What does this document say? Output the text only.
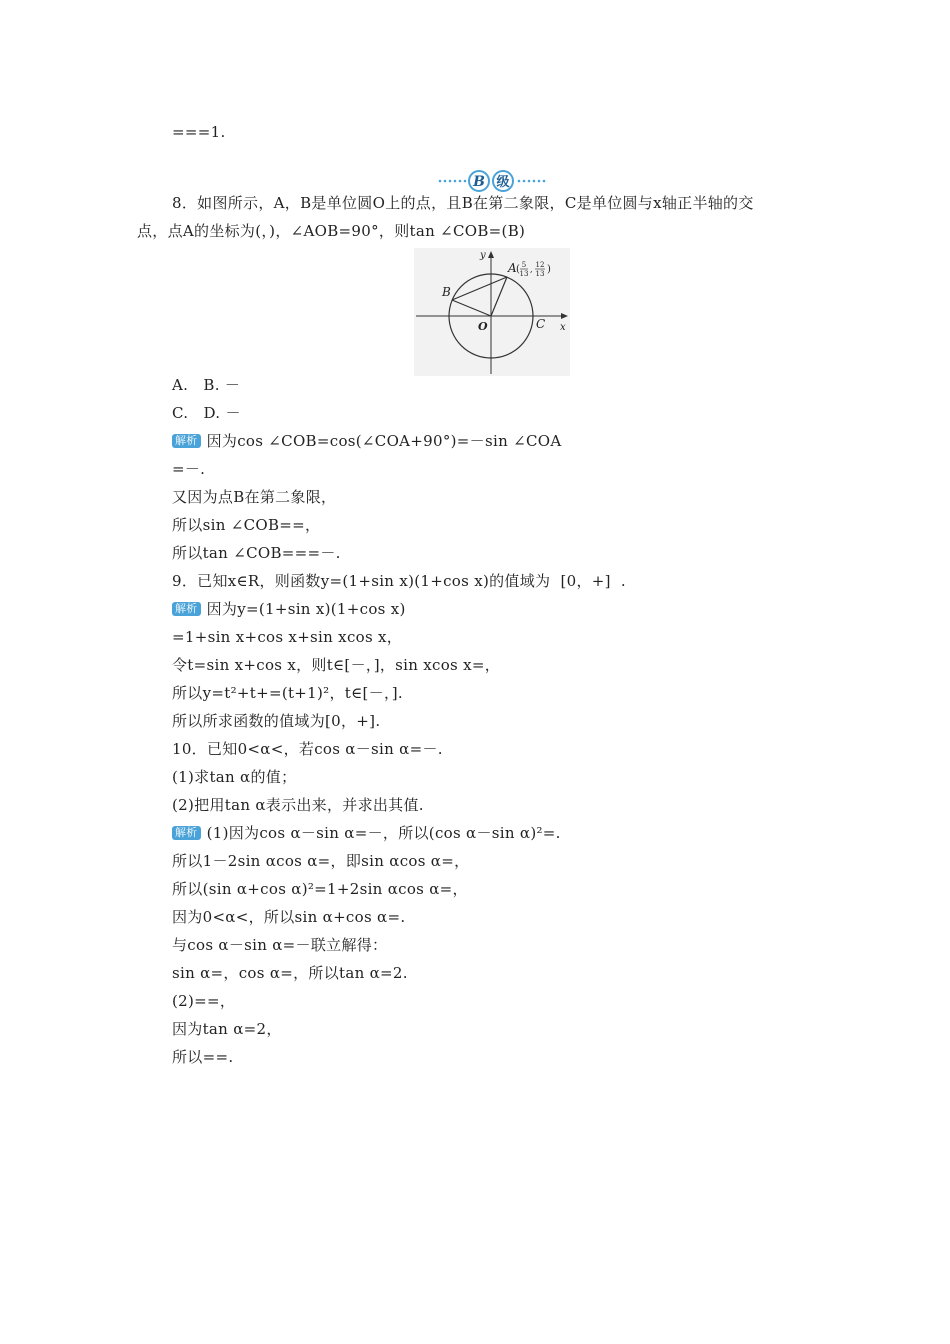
===1.
B 级
8．如图所示，A，B是单位圆O上的点，且B在第二象限，C是单位圆与x轴正半轴的交
点，点A的坐标为(，)，∠AOB=90°，则tan ∠COB=(B)
y
x
O	C
B
A ( 5
13 , 12
13 )
A.   B. －
C.   D. －
解析 因为cos ∠COB=cos(∠COA+90°)=－sin ∠COA
=－.
又因为点B在第二象限，
所以sin ∠COB==，
所以tan ∠COB===－.
9．已知x∈R，则函数y=(1+sin x)(1+cos x)的值域为  [0，+]  .
解析 因为y=(1+sin x)(1+cos x)
=1+sin x+cos x+sin xcos x，
令t=sin x+cos x，则t∈[－，]，sin xcos x=，
所以y=t²+t+=(t+1)²，t∈[－，].
所以所求函数的值域为[0，+].
10．已知0<α<，若cos α－sin α=－.
(1)求tan α的值；
(2)把用tan α表示出来，并求出其值.
解析 (1)因为cos α－sin α=－，所以(cos α－sin α)²=.
所以1－2sin αcos α=，即sin αcos α=，
所以(sin α+cos α)²=1+2sin αcos α=，
因为0<α<，所以sin α+cos α=.
与cos α－sin α=－联立解得：
sin α=，cos α=，所以tan α=2.
(2)==，
因为tan α=2，
所以==.
